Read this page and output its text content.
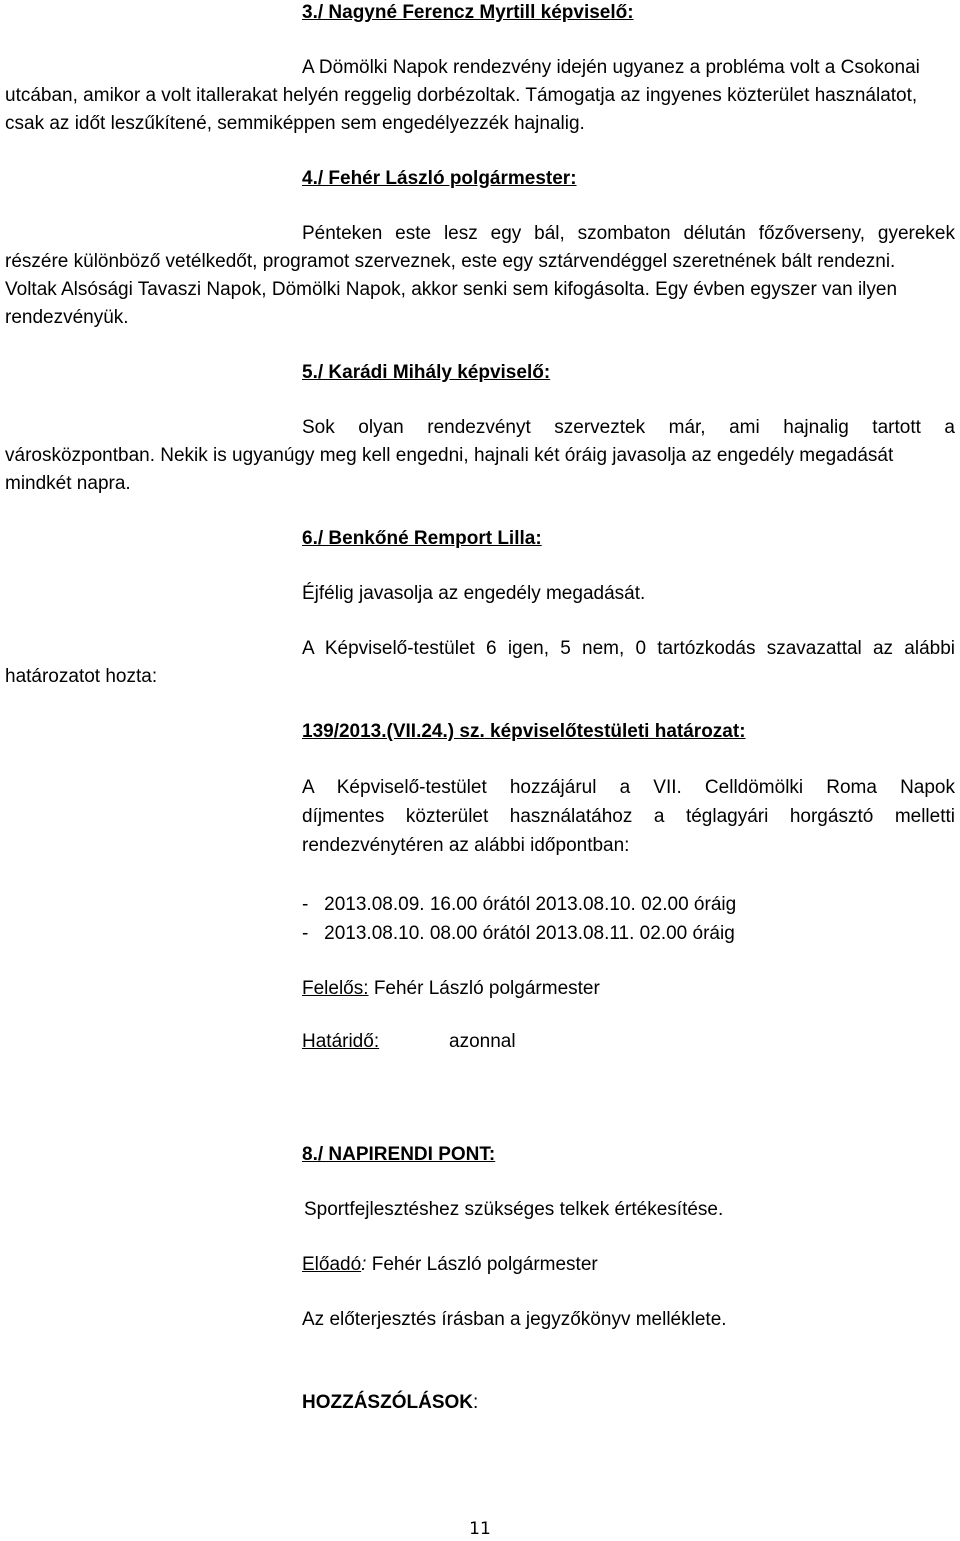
3./ Nagyné Ferencz Myrtill képviselő:
A Dömölki Napok rendezvény idején ugyanez a probléma volt a Csokonai
utcában, amikor a volt itallerakat helyén reggelig dorbézoltak. Támogatja az ingyenes közterület használatot,
csak az időt leszűkítené, semmiképpen sem engedélyezzék hajnalig.
4./ Fehér László polgármester:
Pénteken este lesz egy bál, szombaton délután főzőverseny, gyerekek
részére különböző vetélkedőt, programot szerveznek, este egy sztárvendéggel szeretnének bált rendezni.
Voltak Alsósági Tavaszi Napok, Dömölki Napok, akkor senki sem kifogásolta. Egy évben egyszer van ilyen
rendezvényük.
5./ Karádi Mihály képviselő:
Sok olyan rendezvényt szerveztek már, ami hajnalig tartott a
városközpontban. Nekik is ugyanúgy meg kell engedni, hajnali két óráig javasolja az engedély megadását
mindkét napra.
6./ Benkőné Remport Lilla:
Éjfélig javasolja az engedély megadását.
A Képviselő-testület 6 igen, 5 nem, 0 tartózkodás szavazattal az alábbi
határozatot hozta:
139/2013.(VII.24.) sz. képviselőtestületi határozat:
A Képviselő-testület hozzájárul a VII. Celldömölki Roma Napok
díjmentes közterület használatához a téglagyári horgásztó melletti
rendezvénytéren az alábbi időpontban:
-   2013.08.09. 16.00 órától 2013.08.10. 02.00 óráig
-   2013.08.10. 08.00 órától 2013.08.11. 02.00 óráig
Felelős: Fehér László polgármester
Határidő:	azonnal
8./ NAPIRENDI PONT:
Sportfejlesztéshez szükséges telkek értékesítése.
Előadó: Fehér László polgármester
Az előterjesztés írásban a jegyzőkönyv melléklete.
HOZZÁSZÓLÁSOK:
11
